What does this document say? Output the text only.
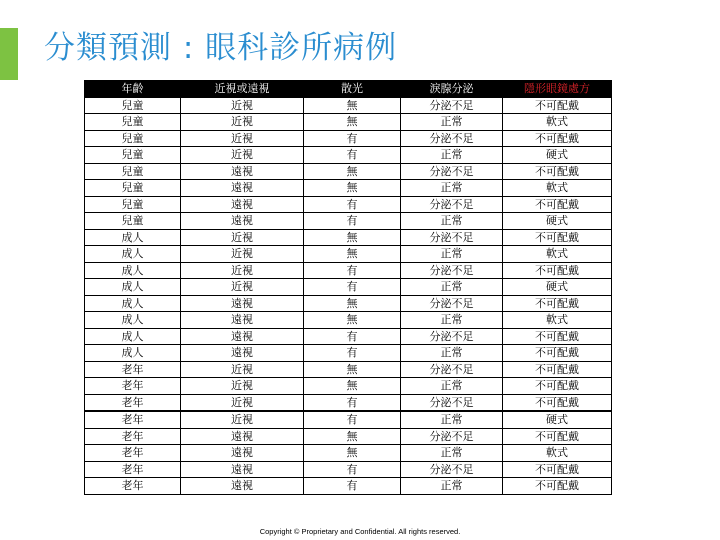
分類預測 : 眼科診所病例
年齡	近視或遠視	散光	淚腺分泌	隱形眼鏡處方
兒童	近視	無	分泌不足	不可配戴
兒童	近視	無	正常	軟式
兒童	近視	有	分泌不足	不可配戴
兒童	近視	有	正常	硬式
兒童	遠視	無	分泌不足	不可配戴
兒童	遠視	無	正常	軟式
兒童	遠視	有	分泌不足	不可配戴
兒童	遠視	有	正常	硬式
成人	近視	無	分泌不足	不可配戴
成人	近視	無	正常	軟式
成人	近視	有	分泌不足	不可配戴
成人	近視	有	正常	硬式
成人	遠視	無	分泌不足	不可配戴
成人	遠視	無	正常	軟式
成人	遠視	有	分泌不足	不可配戴
成人	遠視	有	正常	不可配戴
老年	近視	無	分泌不足	不可配戴
老年	近視	無	正常	不可配戴
老年	近視	有	分泌不足	不可配戴
老年	近視	有	正常	硬式
老年	遠視	無	分泌不足	不可配戴
老年	遠視	無	正常	軟式
老年	遠視	有	分泌不足	不可配戴
老年	遠視	有	正常	不可配戴
Copyright © Proprietary and Confidential. All rights reserved.
